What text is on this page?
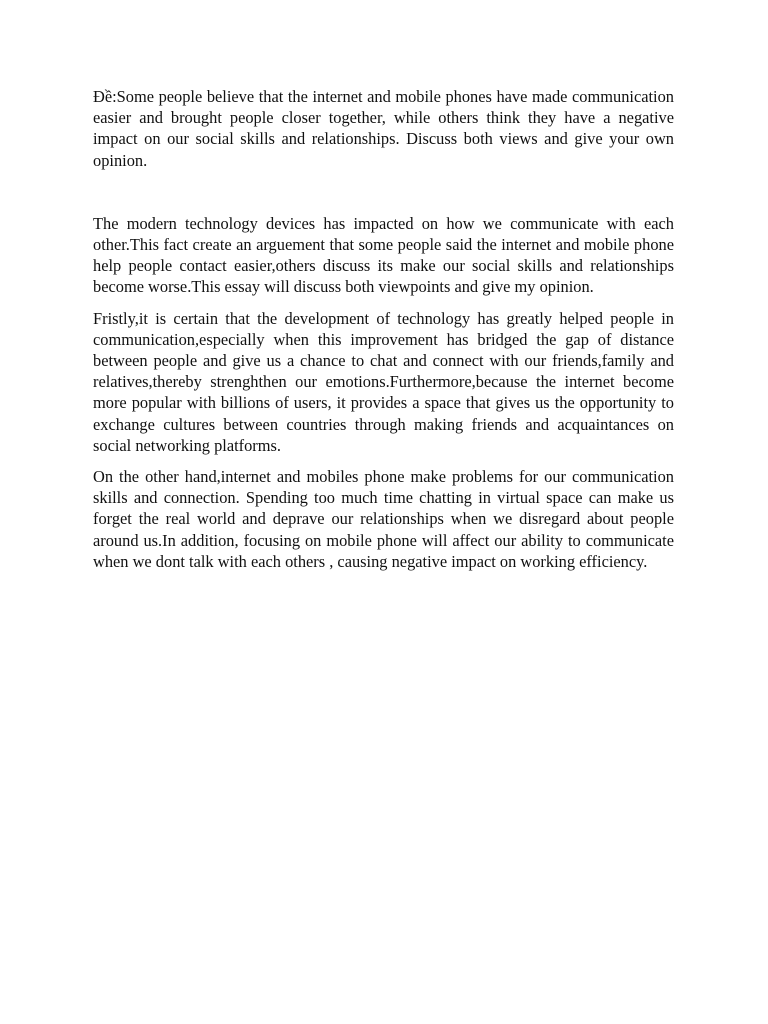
Đề:Some people believe that the internet and mobile phones have made communication easier and brought people closer together, while others think they have a negative impact on our social skills and relationships. Discuss both views and give your own opinion.

The modern technology devices has impacted on how we communicate with each other.This fact create an arguement that some people said the internet and mobile phone help people contact easier,others discuss its make our social skills and relationships become worse.This essay will discuss both viewpoints and give my opinion.

Fristly,it is certain that the development of technology has greatly helped people in communication,especially when this improvement has bridged the gap of distance between people and give us a chance to chat and connect with our friends,family and relatives,thereby strenghthen our emotions.Furthermore,because the internet become more popular with billions of users, it provides a space that gives us the opportunity to exchange cultures between countries through making friends and acquaintances on social networking platforms.

On the other hand,internet and mobiles phone make problems for our communication skills and connection. Spending too much time chatting in virtual space can make us forget the real world and deprave our relationships when we disregard about people around us.In addition, focusing on mobile phone will affect our ability to communicate when we dont talk with each others , causing negative impact on working efficiency.
